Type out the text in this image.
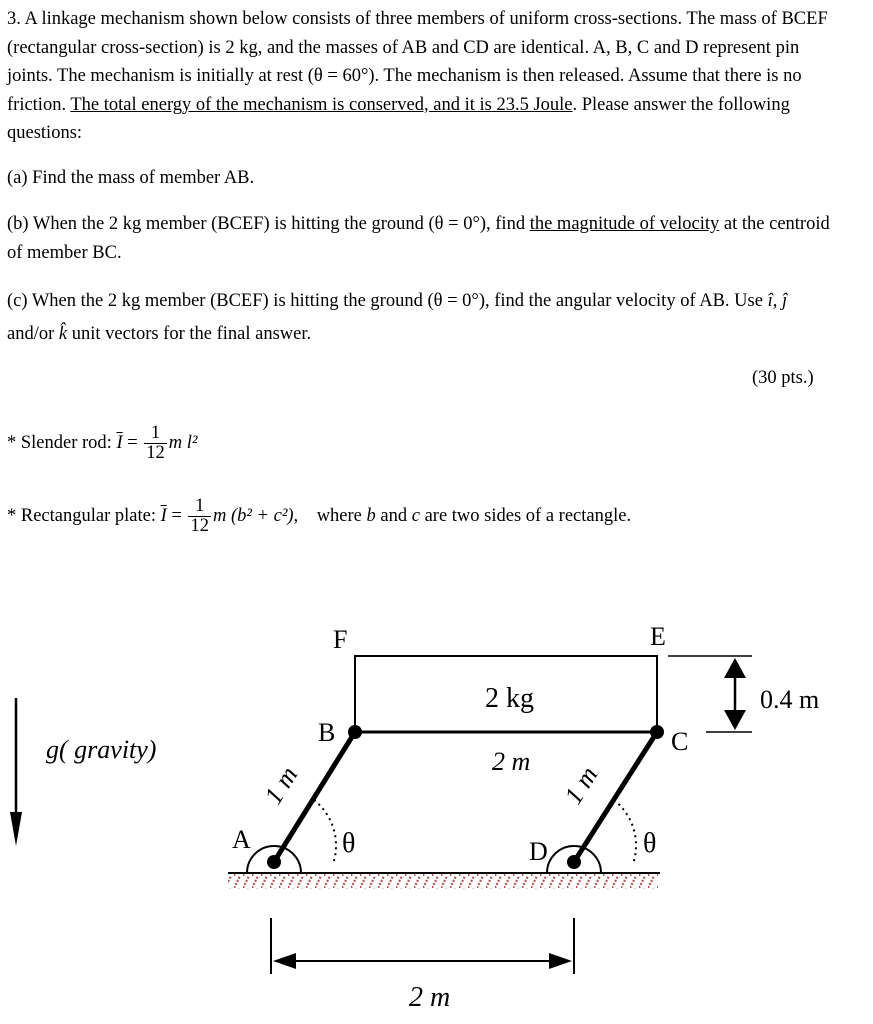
3. A linkage mechanism shown below consists of three members of uniform cross-sections. The mass of BCEF (rectangular cross-section) is 2 kg, and the masses of AB and CD are identical. A, B, C and D represent pin joints. The mechanism is initially at rest (θ = 60°). The mechanism is then released. Assume that there is no friction. The total energy of the mechanism is conserved, and it is 23.5 Joule. Please answer the following questions:

(a) Find the mass of member AB.

(b) When the 2 kg member (BCEF) is hitting the ground (θ = 0°), find the magnitude of velocity at the centroid of member BC.

(c) When the 2 kg member (BCEF) is hitting the ground (θ = 0°), find the angular velocity of AB. Use î, ĵ and/or k̂ unit vectors for the final answer.

(30 pts.)
* Slender rod: $\overline{I} = \frac{1}{12}$ m l²
* Rectangular plate: $\overline{I} = \frac{1}{12}$ m (b² + c²), where b and c are two sides of a rectangle.
g( gravity)
F	E
B	C
A	D
2 kg
2 m
0.4 m
2 m
θ	θ
1 m	1 m
